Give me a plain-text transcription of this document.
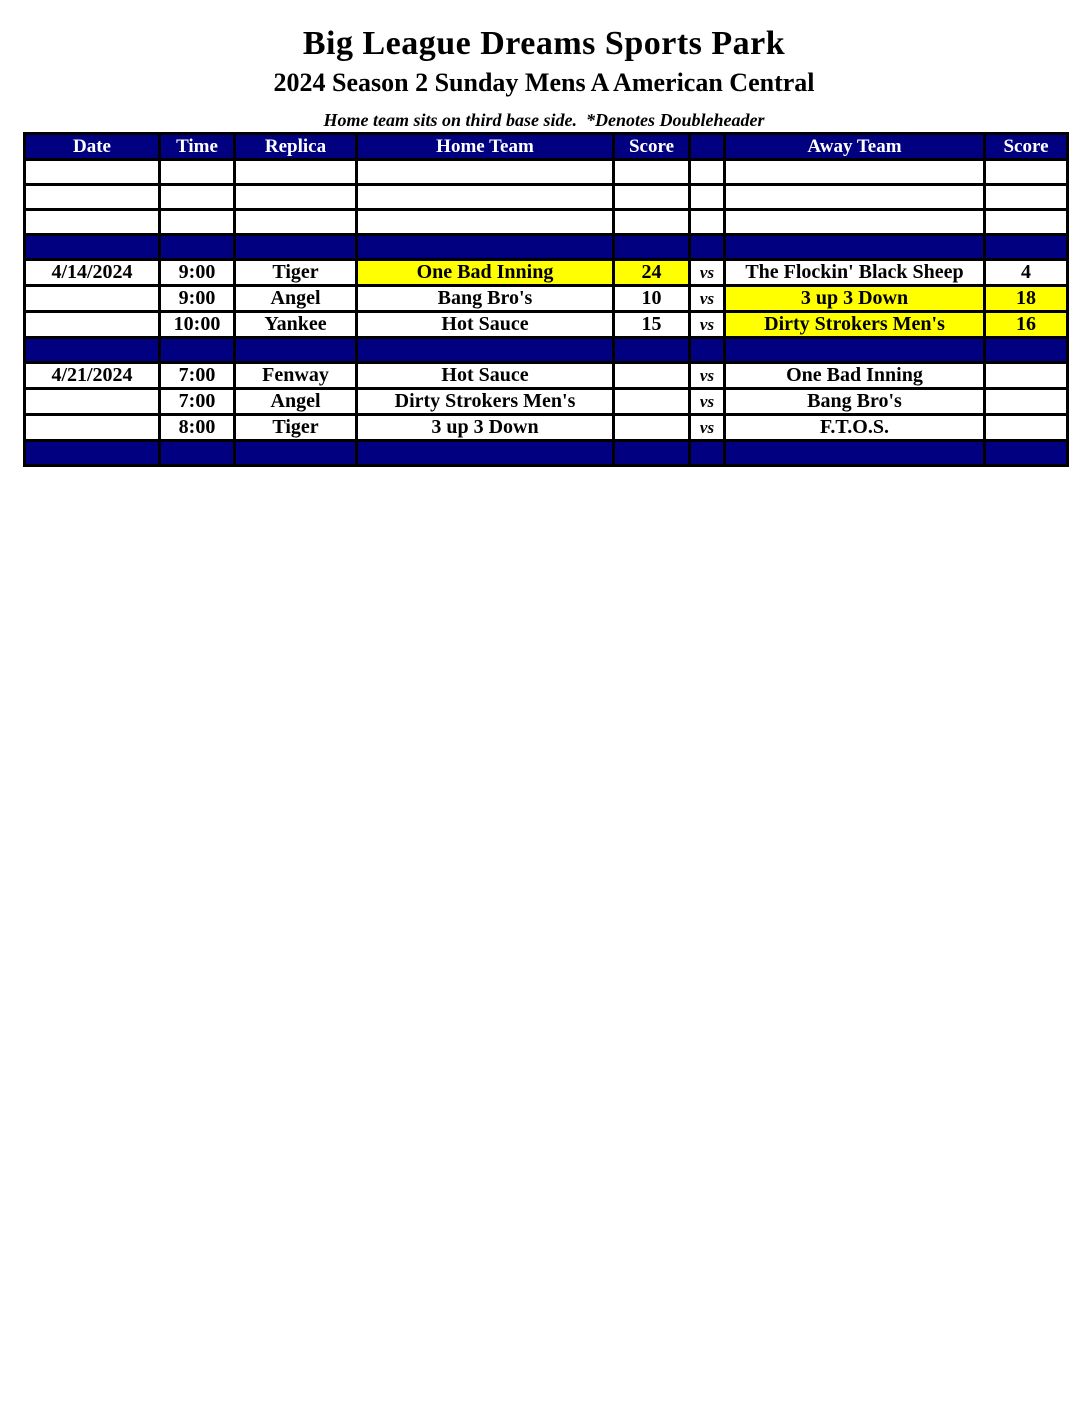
Big League Dreams Sports Park
2024 Season 2 Sunday Mens A American Central
Home team sits on third base side.  *Denotes Doubleheader
Date	Time	Replica	Home Team	Score		Away Team	Score

4/14/2024	9:00	Tiger	One Bad Inning	24	vs	The Flockin' Black Sheep	4
	9:00	Angel	Bang Bro's	10	vs	3 up 3 Down	18
	10:00	Yankee	Hot Sauce	15	vs	Dirty Strokers Men's	16

4/21/2024	7:00	Fenway	Hot Sauce		vs	One Bad Inning	
	7:00	Angel	Dirty Strokers Men's		vs	Bang Bro's	
	8:00	Tiger	3 up 3 Down		vs	F.T.O.S.	
